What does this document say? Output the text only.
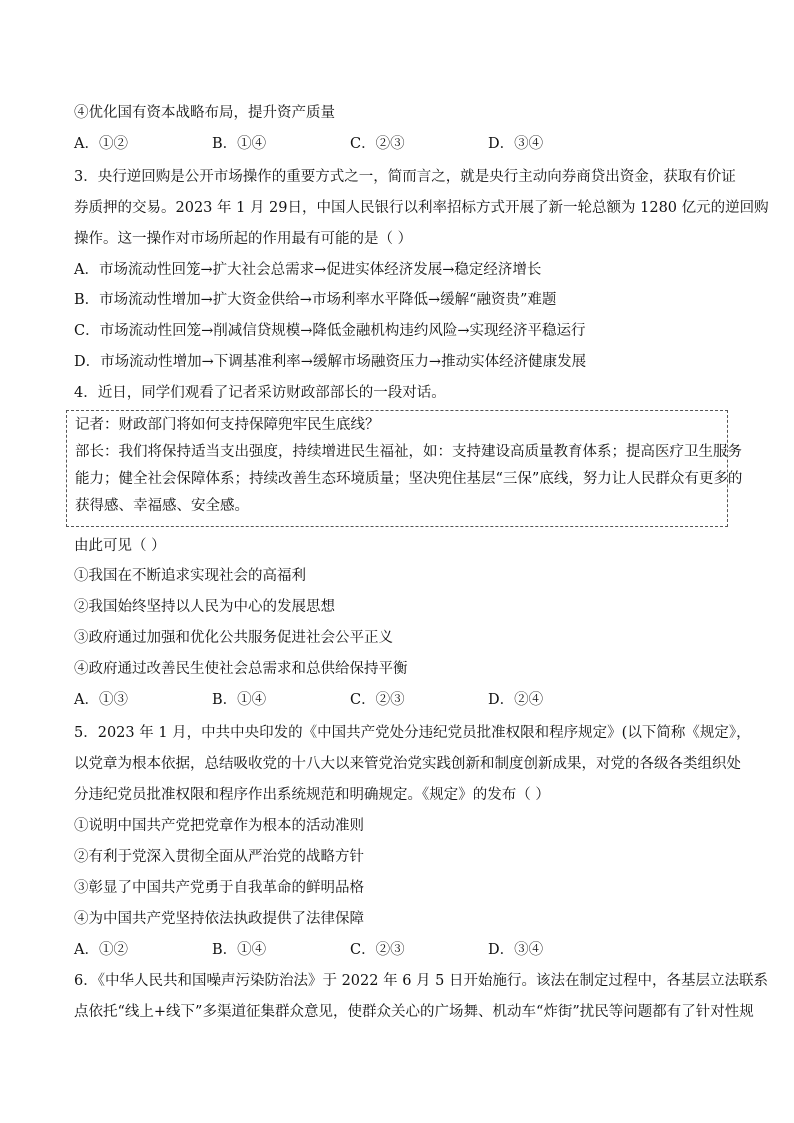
④优化国有资本战略布局，提升资产质量
A．①②	B．①④	C．②③	D．③④
3．央行逆回购是公开市场操作的重要方式之一，简而言之，就是央行主动向券商贷出资金，获取有价证
券质押的交易。2023 年 1 月 29日，中国人民银行以利率招标方式开展了新一轮总额为 1280 亿元的逆回购
操作。这一操作对市场所起的作用最有可能的是（ ）
A．市场流动性回笼→扩大社会总需求→促进实体经济发展→稳定经济增长
B．市场流动性增加→扩大资金供给→市场利率水平降低→缓解“融资贵”难题
C．市场流动性回笼→削减信贷规模→降低金融机构违约风险→实现经济平稳运行
D．市场流动性增加→下调基准利率→缓解市场融资压力→推动实体经济健康发展
4．近日，同学们观看了记者采访财政部部长的一段对话。
记者：财政部门将如何支持保障兜牢民生底线？
部长：我们将保持适当支出强度，持续增进民生福祉，如：支持建设高质量教育体系；提高医疗卫生服务
能力；健全社会保障体系；持续改善生态环境质量；坚决兜住基层“三保”底线，努力让人民群众有更多的
获得感、幸福感、安全感。
由此可见（ ）
①我国在不断追求实现社会的高福利
②我国始终坚持以人民为中心的发展思想
③政府通过加强和优化公共服务促进社会公平正义
④政府通过改善民生使社会总需求和总供给保持平衡
A．①③	B．①④	C．②③	D．②④
5．2023 年 1 月，中共中央印发的《中国共产党处分违纪党员批准权限和程序规定》(以下简称《规定》，
以党章为根本依据，总结吸收党的十八大以来管党治党实践创新和制度创新成果，对党的各级各类组织处
分违纪党员批准权限和程序作出系统规范和明确规定。《规定》的发布（ ）
①说明中国共产党把党章作为根本的活动准则
②有利于党深入贯彻全面从严治党的战略方针
③彰显了中国共产党勇于自我革命的鲜明品格
④为中国共产党坚持依法执政提供了法律保障
A．①②	B．①④	C．②③	D．③④
6．《中华人民共和国噪声污染防治法》于 2022 年 6 月 5 日开始施行。该法在制定过程中，各基层立法联系
点依托“线上+线下”多渠道征集群众意见，使群众关心的广场舞、机动车“炸街”扰民等问题都有了针对性规
